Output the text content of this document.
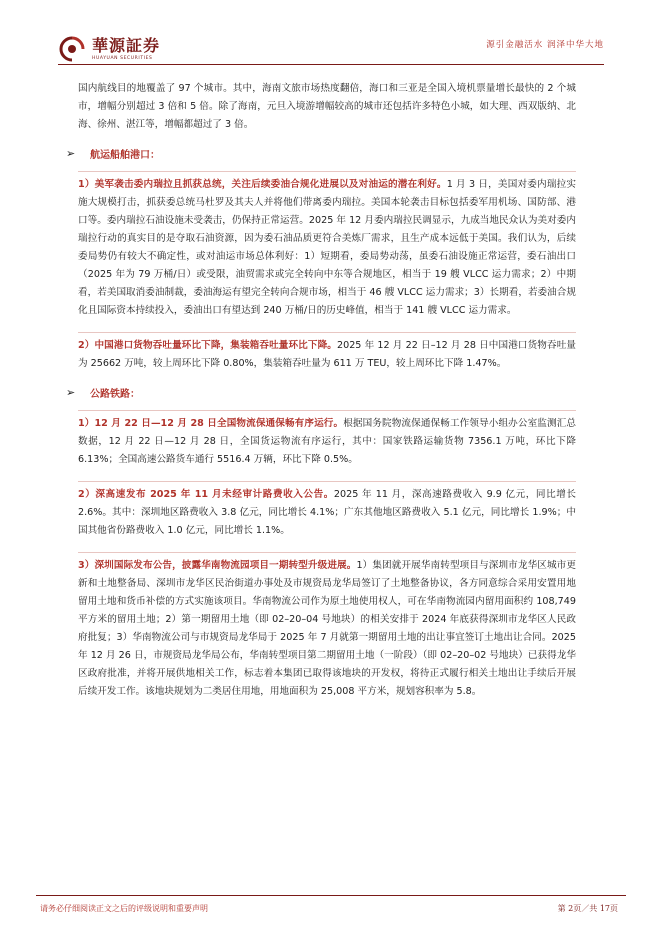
華源証券
HUAYUAN SECURITIES
源引金融活水 润泽中华大地

国内航线目的地覆盖了 97 个城市。其中，海南文旅市场热度翻倍，海口和三亚是全国入境机票量增长最快的 2 个城市，增幅分别超过 3 倍和 5 倍。除了海南，元旦入境游增幅较高的城市还包括许多特色小城，如大理、西双版纳、北海、徐州、湛江等，增幅都超过了 3 倍。

➢	航运船舶港口：
1）美军袭击委内瑞拉且抓获总统，关注后续委油合规化进展以及对油运的潜在利好。1 月 3 日，美国对委内瑞拉实施大规模打击，抓获委总统马杜罗及其夫人并将他们带离委内瑞拉。美国本轮袭击目标包括委军用机场、国防部、港口等。委内瑞拉石油设施未受袭击，仍保持正常运营。2025 年 12 月委内瑞拉民调显示，九成当地民众认为美对委内瑞拉行动的真实目的是夺取石油资源，因为委石油品质更符合美炼厂需求，且生产成本远低于美国。我们认为，后续委局势仍有较大不确定性，或对油运市场总体利好：1）短期看，委局势动荡，虽委石油设施正常运营，委石油出口（2025 年为 79 万桶/日）或受限，油贸需求或完全转向中东等合规地区，相当于 19 艘 VLCC 运力需求；2）中期看，若美国取消委油制裁，委油海运有望完全转向合规市场，相当于 46 艘 VLCC 运力需求；3）长期看，若委油合规化且国际资本持续投入，委油出口有望达到 240 万桶/日的历史峰值，相当于 141 艘 VLCC 运力需求。
2）中国港口货物吞吐量环比下降，集装箱吞吐量环比下降。2025 年 12 月 22 日–12 月 28 日中国港口货物吞吐量为 25662 万吨，较上周环比下降 0.80%，集装箱吞吐量为 611 万 TEU，较上周环比下降 1.47%。
➢	公路铁路：
1）12 月 22 日—12 月 28 日全国物流保通保畅有序运行。根据国务院物流保通保畅工作领导小组办公室监测汇总数据，12 月 22 日—12 月 28 日，全国货运物流有序运行，其中：国家铁路运输货物 7356.1 万吨，环比下降 6.13%；全国高速公路货车通行 5516.4 万辆，环比下降 0.5%。
2）深高速发布 2025 年 11 月未经审计路费收入公告。2025 年 11 月，深高速路费收入 9.9 亿元，同比增长 2.6%。其中：深圳地区路费收入 3.8 亿元，同比增长 4.1%；广东其他地区路费收入 5.1 亿元，同比增长 1.9%；中国其他省份路费收入 1.0 亿元，同比增长 1.1%。
3）深圳国际发布公告，披露华南物流园项目一期转型升级进展。1）集团就开展华南转型项目与深圳市龙华区城市更新和土地整备局、深圳市龙华区民治街道办事处及市规资局龙华局签订了土地整备协议，各方同意综合采用安置用地留用土地和货币补偿的方式实施该项目。华南物流公司作为原土地使用权人，可在华南物流园内留用面积约 108,749 平方米的留用土地；2）第一期留用土地（即 02–20–04 号地块）的相关安排于 2024 年底获得深圳市龙华区人民政府批复；3）华南物流公司与市规资局龙华局于 2025 年 7 月就第一期留用土地的出让事宜签订土地出让合同。2025 年 12 月 26 日，市规资局龙华局公布，华南转型项目第二期留用土地（一阶段）（即 02–20–02 号地块）已获得龙华区政府批准，并将开展供地相关工作，标志着本集团已取得该地块的开发权，将待正式履行相关土地出让手续后开展后续开发工作。该地块规划为二类居住用地，用地面积为 25,008 平方米，规划容积率为 5.8。
请务必仔细阅读正文之后的评级说明和重要声明	第 2页／共 17页
